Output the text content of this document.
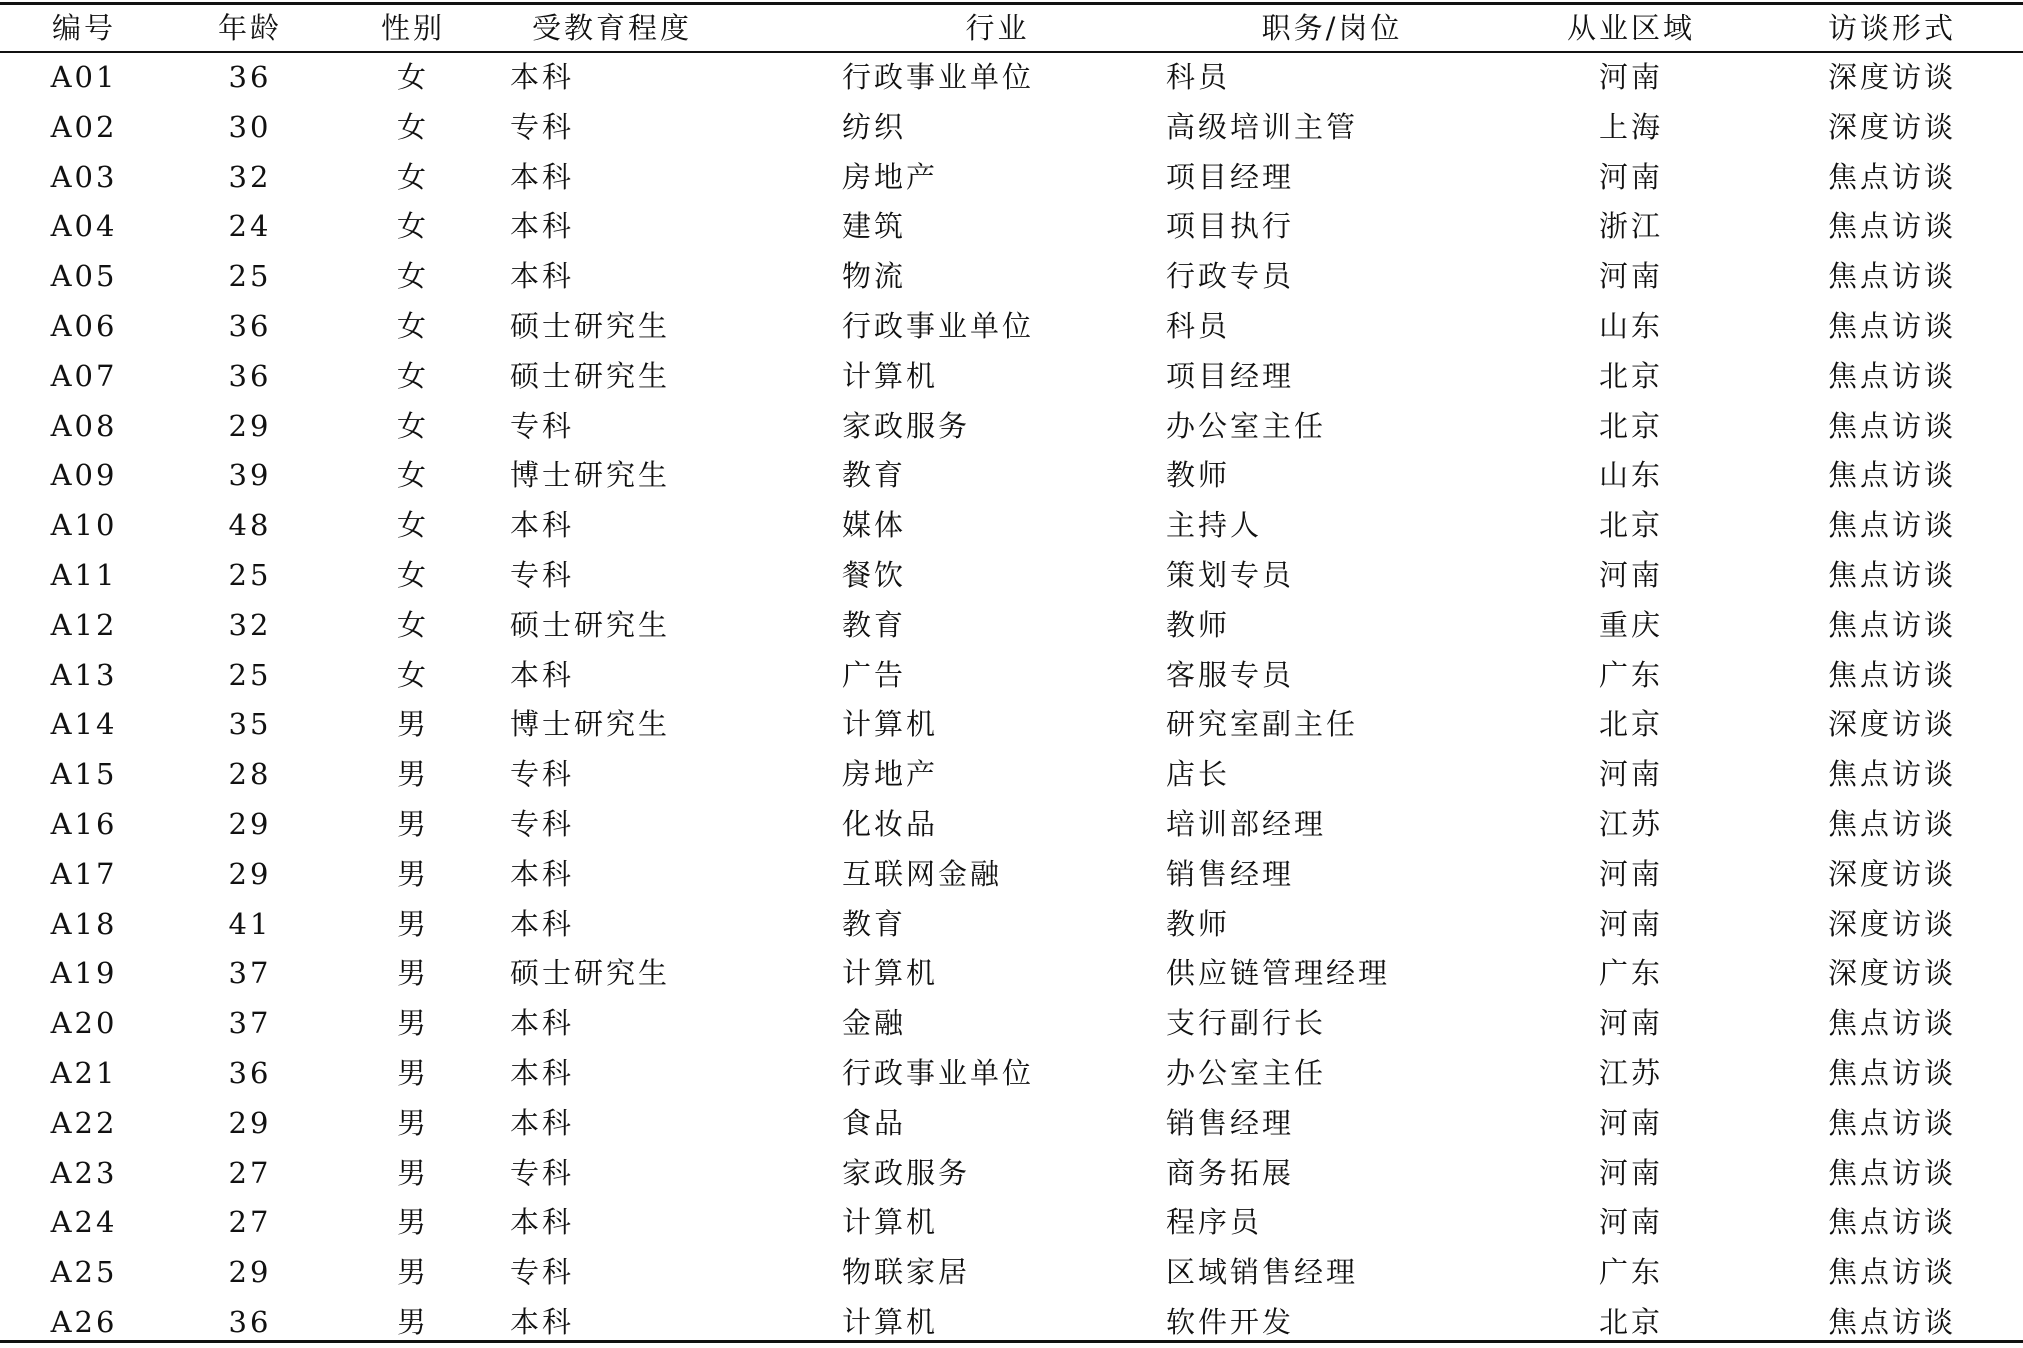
编号	年龄	性别	受教育程度	行业	职务/岗位	从业区域	访谈形式
A01	36	女	本科	行政事业单位	科员	河南	深度访谈
A02	30	女	专科	纺织	高级培训主管	上海	深度访谈
A03	32	女	本科	房地产	项目经理	河南	焦点访谈
A04	24	女	本科	建筑	项目执行	浙江	焦点访谈
A05	25	女	本科	物流	行政专员	河南	焦点访谈
A06	36	女	硕士研究生	行政事业单位	科员	山东	焦点访谈
A07	36	女	硕士研究生	计算机	项目经理	北京	焦点访谈
A08	29	女	专科	家政服务	办公室主任	北京	焦点访谈
A09	39	女	博士研究生	教育	教师	山东	焦点访谈
A10	48	女	本科	媒体	主持人	北京	焦点访谈
A11	25	女	专科	餐饮	策划专员	河南	焦点访谈
A12	32	女	硕士研究生	教育	教师	重庆	焦点访谈
A13	25	女	本科	广告	客服专员	广东	焦点访谈
A14	35	男	博士研究生	计算机	研究室副主任	北京	深度访谈
A15	28	男	专科	房地产	店长	河南	焦点访谈
A16	29	男	专科	化妆品	培训部经理	江苏	焦点访谈
A17	29	男	本科	互联网金融	销售经理	河南	深度访谈
A18	41	男	本科	教育	教师	河南	深度访谈
A19	37	男	硕士研究生	计算机	供应链管理经理	广东	深度访谈
A20	37	男	本科	金融	支行副行长	河南	焦点访谈
A21	36	男	本科	行政事业单位	办公室主任	江苏	焦点访谈
A22	29	男	本科	食品	销售经理	河南	焦点访谈
A23	27	男	专科	家政服务	商务拓展	河南	焦点访谈
A24	27	男	本科	计算机	程序员	河南	焦点访谈
A25	29	男	专科	物联家居	区域销售经理	广东	焦点访谈
A26	36	男	本科	计算机	软件开发	北京	焦点访谈
